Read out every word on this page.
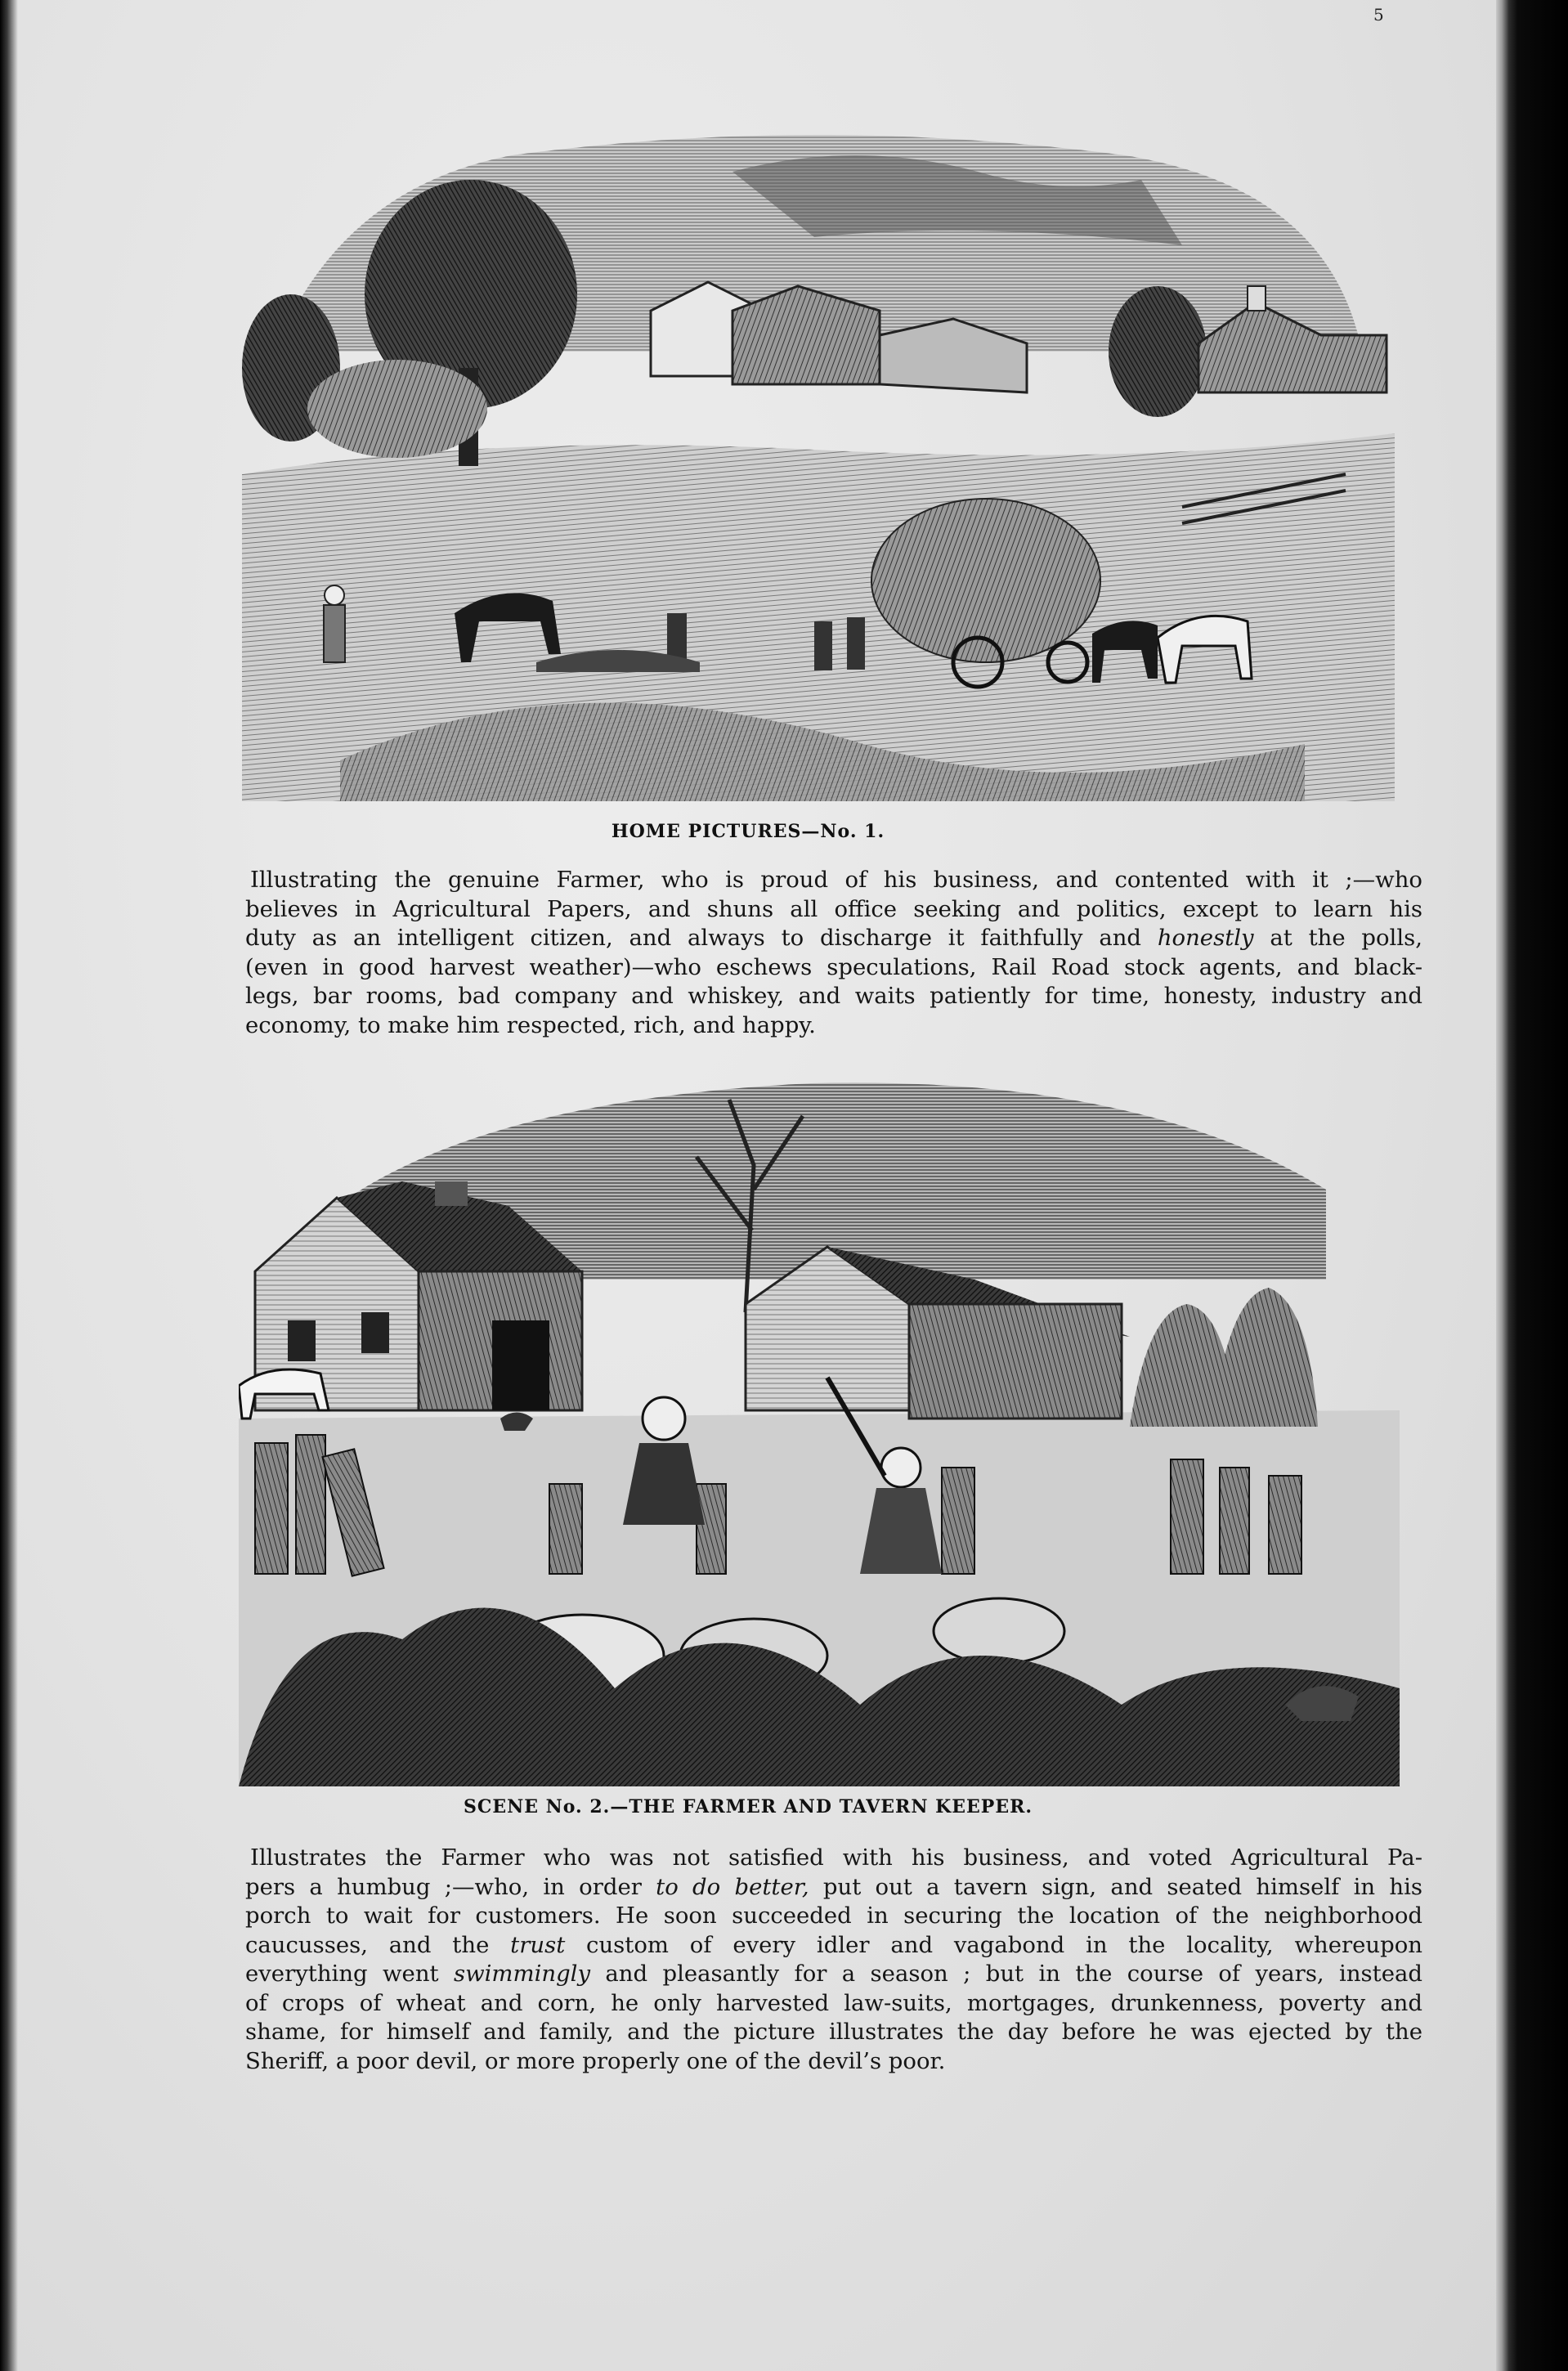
5
HOME PICTURES—No. 1.
Illustrating the genuine Farmer, who is proud of his business, and contented with it ;—who
believes in Agricultural Papers, and shuns all office seeking and politics, except to learn his
duty as an intelligent citizen, and always to discharge it faithfully and honestly at the polls,
(even in good harvest weather)—who eschews speculations, Rail Road stock agents, and black-
legs, bar rooms, bad company and whiskey, and waits patiently for time, honesty, industry and
economy, to make him respected, rich, and happy.
SCENE No. 2.—THE FARMER AND TAVERN KEEPER.
Illustrates the Farmer who was not satisfied with his business, and voted Agricultural Pa-
pers a humbug ;—who, in order to do better, put out a tavern sign, and seated himself in his
porch to wait for customers. He soon succeeded in securing the location of the neighborhood
caucusses, and the trust custom of every idler and vagabond in the locality, whereupon
everything went swimmingly and pleasantly for a season ; but in the course of years, instead
of crops of wheat and corn, he only harvested law-suits, mortgages, drunkenness, poverty and
shame, for himself and family, and the picture illustrates the day before he was ejected by the
Sheriff, a poor devil, or more properly one of the devil’s poor.
